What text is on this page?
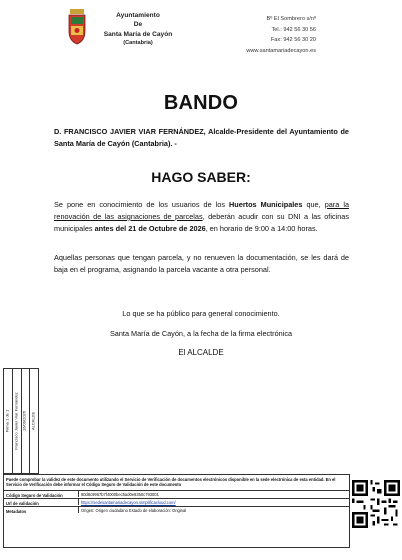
Ayuntamiento
De
Santa María de Cayón
(Cantabria)
Bº El Sombrero s/nº
Tel.: 942 56 30 56
Fax: 942 56 30 20
www.santamariadecayon.es
BANDO
D. FRANCISCO JAVIER VIAR FERNÁNDEZ, Alcalde-Presidente del Ayuntamiento de Santa María de Cayón (Cantabria). -
HAGO SABER:
Se pone en conocimiento de los usuarios de los Huertos Municipales que, para la renovación de las asignaciones de parcelas, deberán acudir con su DNI a las oficinas municipales antes del 21 de Octubre de 2026, en horario de 9:00 a 14:00 horas.
Aquellas personas que tengan parcela, y no renueven la documentación, se les dará de baja en el programa, asignando la parcela vacante a otra personal.
Lo que se ha público para general conocimiento.
Santa María de Cayón, a la fecha de la firma electrónica
El ALCALDE
Firma 1 de 1 Francisco Javier Viar Fernández 16/09/2026 ALCALDE
Puede comprobar la validez de este documento utilizando el Servicio de Verificación de documentos electrónicos disponible en la sede electrónica de esta entidad. En el Servicio de Verificación debe informar el Código Seguro de Validación de este documento
Código Seguro de Validación	80d8c9967b7f4000bec5ad0e9350c793001
Url de validación	https://sedesantamariadecayon.simplificacloud.com/
Metadatos	Origen: Origen ciudadano Estado de elaboración: Original
